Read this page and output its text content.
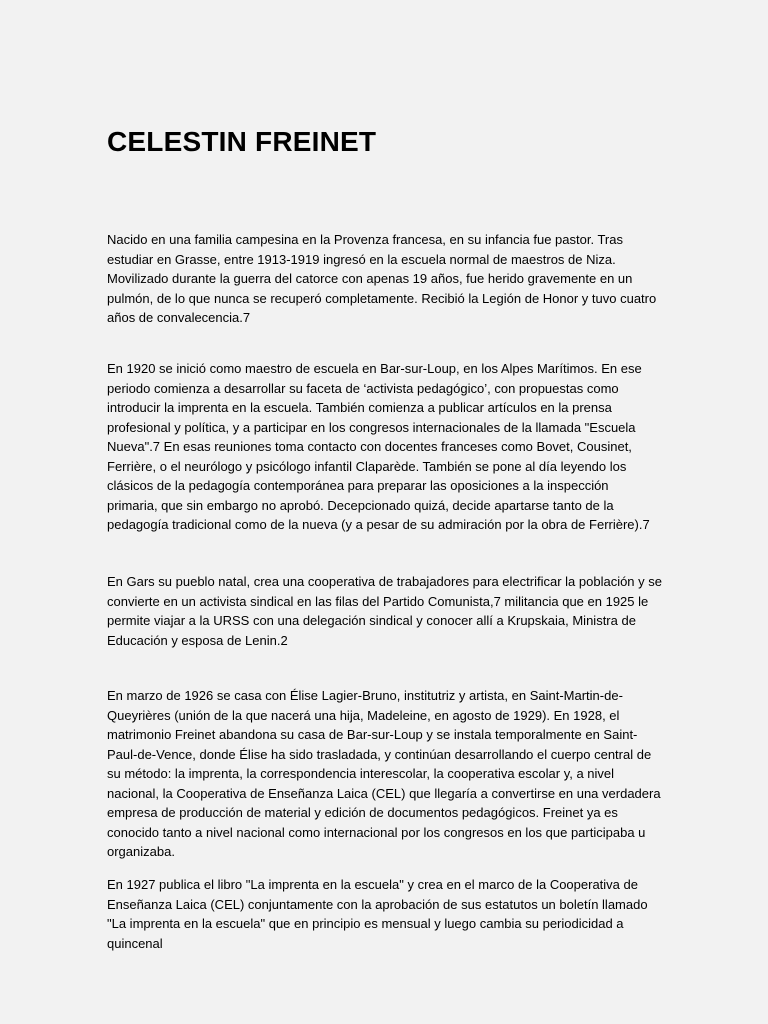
CELESTIN FREINET

Nacido en una familia campesina en la Provenza francesa, en su infancia fue pastor. Tras estudiar en Grasse, entre 1913-1919 ingresó en la escuela normal de maestros de Niza. Movilizado durante la guerra del catorce con apenas 19 años, fue herido gravemente en un pulmón, de lo que nunca se recuperó completamente. Recibió la Legión de Honor y tuvo cuatro años de convalecencia.7

En 1920 se inició como maestro de escuela en Bar-sur-Loup, en los Alpes Marítimos. En ese periodo comienza a desarrollar su faceta de ‘activista pedagógico’, con propuestas como introducir la imprenta en la escuela. También comienza a publicar artículos en la prensa profesional y política, y a participar en los congresos internacionales de la llamada "Escuela Nueva".7 En esas reuniones toma contacto con docentes franceses como Bovet, Cousinet, Ferrière, o el neurólogo y psicólogo infantil Claparède. También se pone al día leyendo los clásicos de la pedagogía contemporánea para preparar las oposiciones a la inspección primaria, que sin embargo no aprobó. Decepcionado quizá, decide apartarse tanto de la pedagogía tradicional como de la nueva (y a pesar de su admiración por la obra de Ferrière).7

En Gars su pueblo natal, crea una cooperativa de trabajadores para electrificar la población y se convierte en un activista sindical en las filas del Partido Comunista,7 militancia que en 1925 le permite viajar a la URSS con una delegación sindical y conocer allí a Krupskaia, Ministra de Educación y esposa de Lenin.2

En marzo de 1926 se casa con Élise Lagier-Bruno, institutriz y artista, en Saint-Martin-de-Queyrières (unión de la que nacerá una hija, Madeleine, en agosto de 1929). En 1928, el matrimonio Freinet abandona su casa de Bar-sur-Loup y se instala temporalmente en Saint-Paul-de-Vence, donde Élise ha sido trasladada, y continúan desarrollando el cuerpo central de su método: la imprenta, la correspondencia interescolar, la cooperativa escolar y, a nivel nacional, la Cooperativa de Enseñanza Laica (CEL) que llegaría a convertirse en una verdadera empresa de producción de material y edición de documentos pedagógicos. Freinet ya es conocido tanto a nivel nacional como internacional por los congresos en los que participaba u organizaba.

En 1927 publica el libro "La imprenta en la escuela" y crea en el marco de la Cooperativa de Enseñanza Laica (CEL) conjuntamente con la aprobación de sus estatutos un boletín llamado "La imprenta en la escuela" que en principio es mensual y luego cambia su periodicidad a quincenal
